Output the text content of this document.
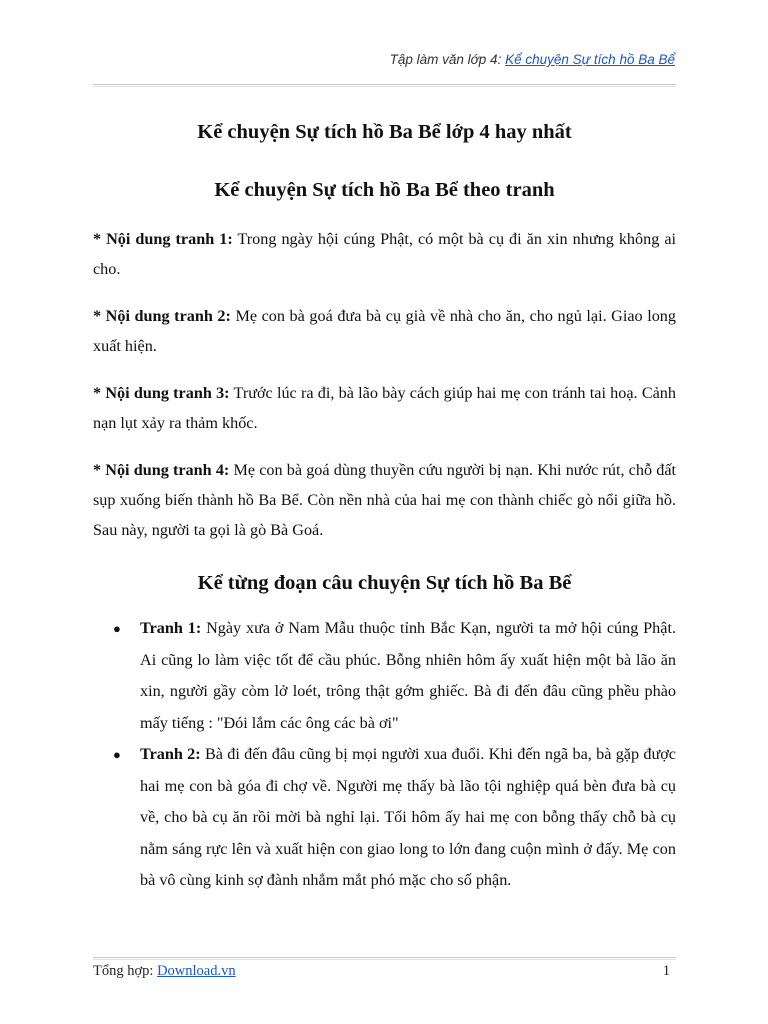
Tập làm văn lớp 4: Kể chuyện Sự tích hồ Ba Bể
Kể chuyện Sự tích hồ Ba Bể lớp 4 hay nhất
Kể chuyện Sự tích hồ Ba Bể theo tranh

* Nội dung tranh 1: Trong ngày hội cúng Phật, có một bà cụ đi ăn xin nhưng không ai cho.

* Nội dung tranh 2: Mẹ con bà goá đưa bà cụ già về nhà cho ăn, cho ngủ lại. Giao long xuất hiện.

* Nội dung tranh 3: Trước lúc ra đi, bà lão bày cách giúp hai mẹ con tránh tai hoạ. Cảnh nạn lụt xảy ra thảm khốc.

* Nội dung tranh 4: Mẹ con bà goá dùng thuyền cứu người bị nạn. Khi nước rút, chỗ đất sụp xuống biến thành hồ Ba Bể. Còn nền nhà của hai mẹ con thành chiếc gò nổi giữa hồ. Sau này, người ta gọi là gò Bà Goá.

Kể từng đoạn câu chuyện Sự tích hồ Ba Bể
● Tranh 1: Ngày xưa ở Nam Mẫu thuộc tỉnh Bắc Kạn, người ta mở hội cúng Phật. Ai cũng lo làm việc tốt để cầu phúc. Bỗng nhiên hôm ấy xuất hiện một bà lão ăn xin, người gầy còm lở loét, trông thật gớm ghiếc. Bà đi đến đâu cũng phều phào mấy tiếng : "Đói lắm các ông các bà ơi"
● Tranh 2: Bà đi đến đâu cũng bị mọi người xua đuổi. Khi đến ngã ba, bà gặp được hai mẹ con bà góa đi chợ về. Người mẹ thấy bà lão tội nghiệp quá bèn đưa bà cụ về, cho bà cụ ăn rồi mời bà nghỉ lại. Tối hôm ấy hai mẹ con bỗng thấy chỗ bà cụ nằm sáng rực lên và xuất hiện con giao long to lớn đang cuộn mình ở đấy. Mẹ con bà vô cùng kinh sợ đành nhắm mắt phó mặc cho số phận.
Tổng hợp: Download.vn	1
